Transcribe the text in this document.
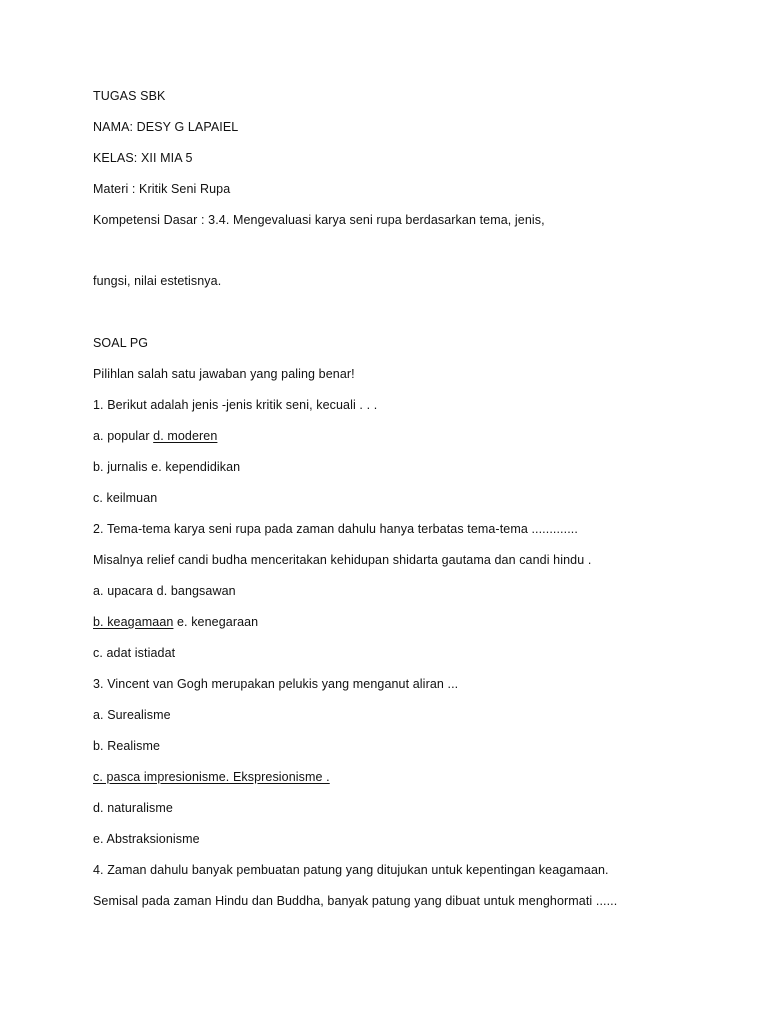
TUGAS SBK
NAMA: DESY G LAPAIEL
KELAS: XII MIA 5
Materi : Kritik Seni Rupa
Kompetensi Dasar : 3.4. Mengevaluasi karya seni rupa berdasarkan tema, jenis,
fungsi, nilai estetisnya.
SOAL PG
Pilihlan salah satu jawaban yang paling benar!
1. Berikut adalah jenis -jenis kritik seni, kecuali . . .
a. popular d. moderen
b. jurnalis e. kependidikan
c. keilmuan
2. Tema-tema karya seni rupa pada zaman dahulu hanya terbatas tema-tema .............
Misalnya relief candi budha menceritakan kehidupan shidarta gautama dan candi hindu .
a. upacara d. bangsawan
b. keagamaan e. kenegaraan
c. adat istiadat
3. Vincent van Gogh merupakan pelukis yang menganut aliran ...
a. Surealisme
b. Realisme
c. pasca impresionisme. Ekspresionisme .
d. naturalisme
e. Abstraksionisme
4. Zaman dahulu banyak pembuatan patung yang ditujukan untuk kepentingan keagamaan.
Semisal pada zaman Hindu dan Buddha, banyak patung yang dibuat untuk menghormati ......
